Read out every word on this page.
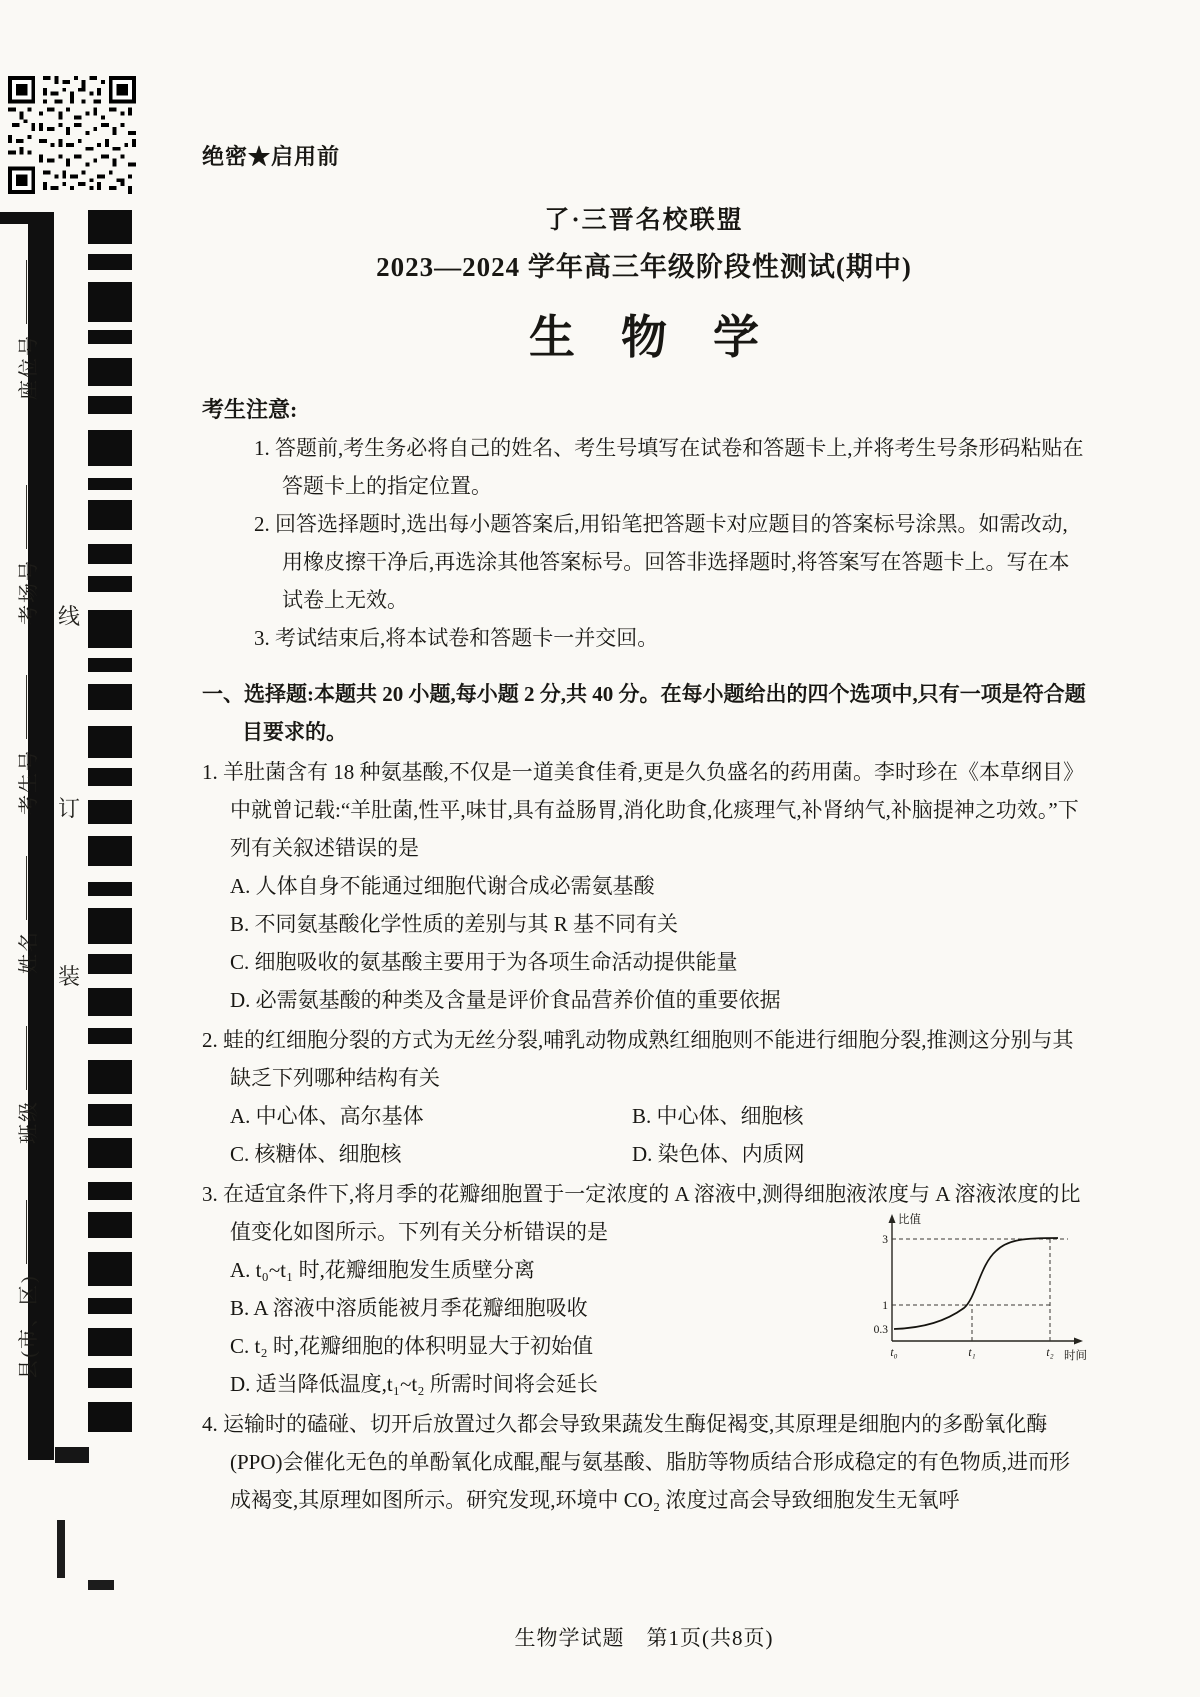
座位号
考场号
考生号
姓名
班级
县(市、区)
线
订
装
绝密★启用前
了·三晋名校联盟
2023—2024 学年高三年级阶段性测试(期中)
生　物　学
考生注意:

1. 答题前,考生务必将自己的姓名、考生号填写在试卷和答题卡上,并将考生号条形码粘贴在答题卡上的指定位置。

2. 回答选择题时,选出每小题答案后,用铅笔把答题卡对应题目的答案标号涂黑。如需改动,用橡皮擦干净后,再选涂其他答案标号。回答非选择题时,将答案写在答题卡上。写在本试卷上无效。

3. 考试结束后,将本试卷和答题卡一并交回。

一、选择题:本题共 20 小题,每小题 2 分,共 40 分。在每小题给出的四个选项中,只有一项是符合题目要求的。

1. 羊肚菌含有 18 种氨基酸,不仅是一道美食佳肴,更是久负盛名的药用菌。李时珍在《本草纲目》中就曾记载:“羊肚菌,性平,味甘,具有益肠胃,消化助食,化痰理气,补肾纳气,补脑提神之功效。”下列有关叙述错误的是

A. 人体自身不能通过细胞代谢合成必需氨基酸

B. 不同氨基酸化学性质的差别与其 R 基不同有关

C. 细胞吸收的氨基酸主要用于为各项生命活动提供能量

D. 必需氨基酸的种类及含量是评价食品营养价值的重要依据

2. 蛙的红细胞分裂的方式为无丝分裂,哺乳动物成熟红细胞则不能进行细胞分裂,推测这分别与其缺乏下列哪种结构有关

A. 中心体、高尔基体	B. 中心体、细胞核

C. 核糖体、细胞核	D. 染色体、内质网

3. 在适宜条件下,将月季的花瓣细胞置于一定浓度的 A 溶液中,测得细胞液浓度与 A 溶液浓度的比值变化如图所示。下列有关分析错误的是

A. t₀~t₁ 时,花瓣细胞发生质壁分离

B. A 溶液中溶质能被月季花瓣细胞吸收

C. t₂ 时,花瓣细胞的体积明显大于初始值

D. 适当降低温度,t₁~t₂ 所需时间将会延长

比值
3
1
0.3
t₀	t₁	t₂ 时间

4. 运输时的磕碰、切开后放置过久都会导致果蔬发生酶促褐变,其原理是细胞内的多酚氧化酶(PPO)会催化无色的单酚氧化成醌,醌与氨基酸、脂肪等物质结合形成稳定的有色物质,进而形成褐变,其原理如图所示。研究发现,环境中 CO₂ 浓度过高会导致细胞发生无氧呼

生物学试题　第1页(共8页)
